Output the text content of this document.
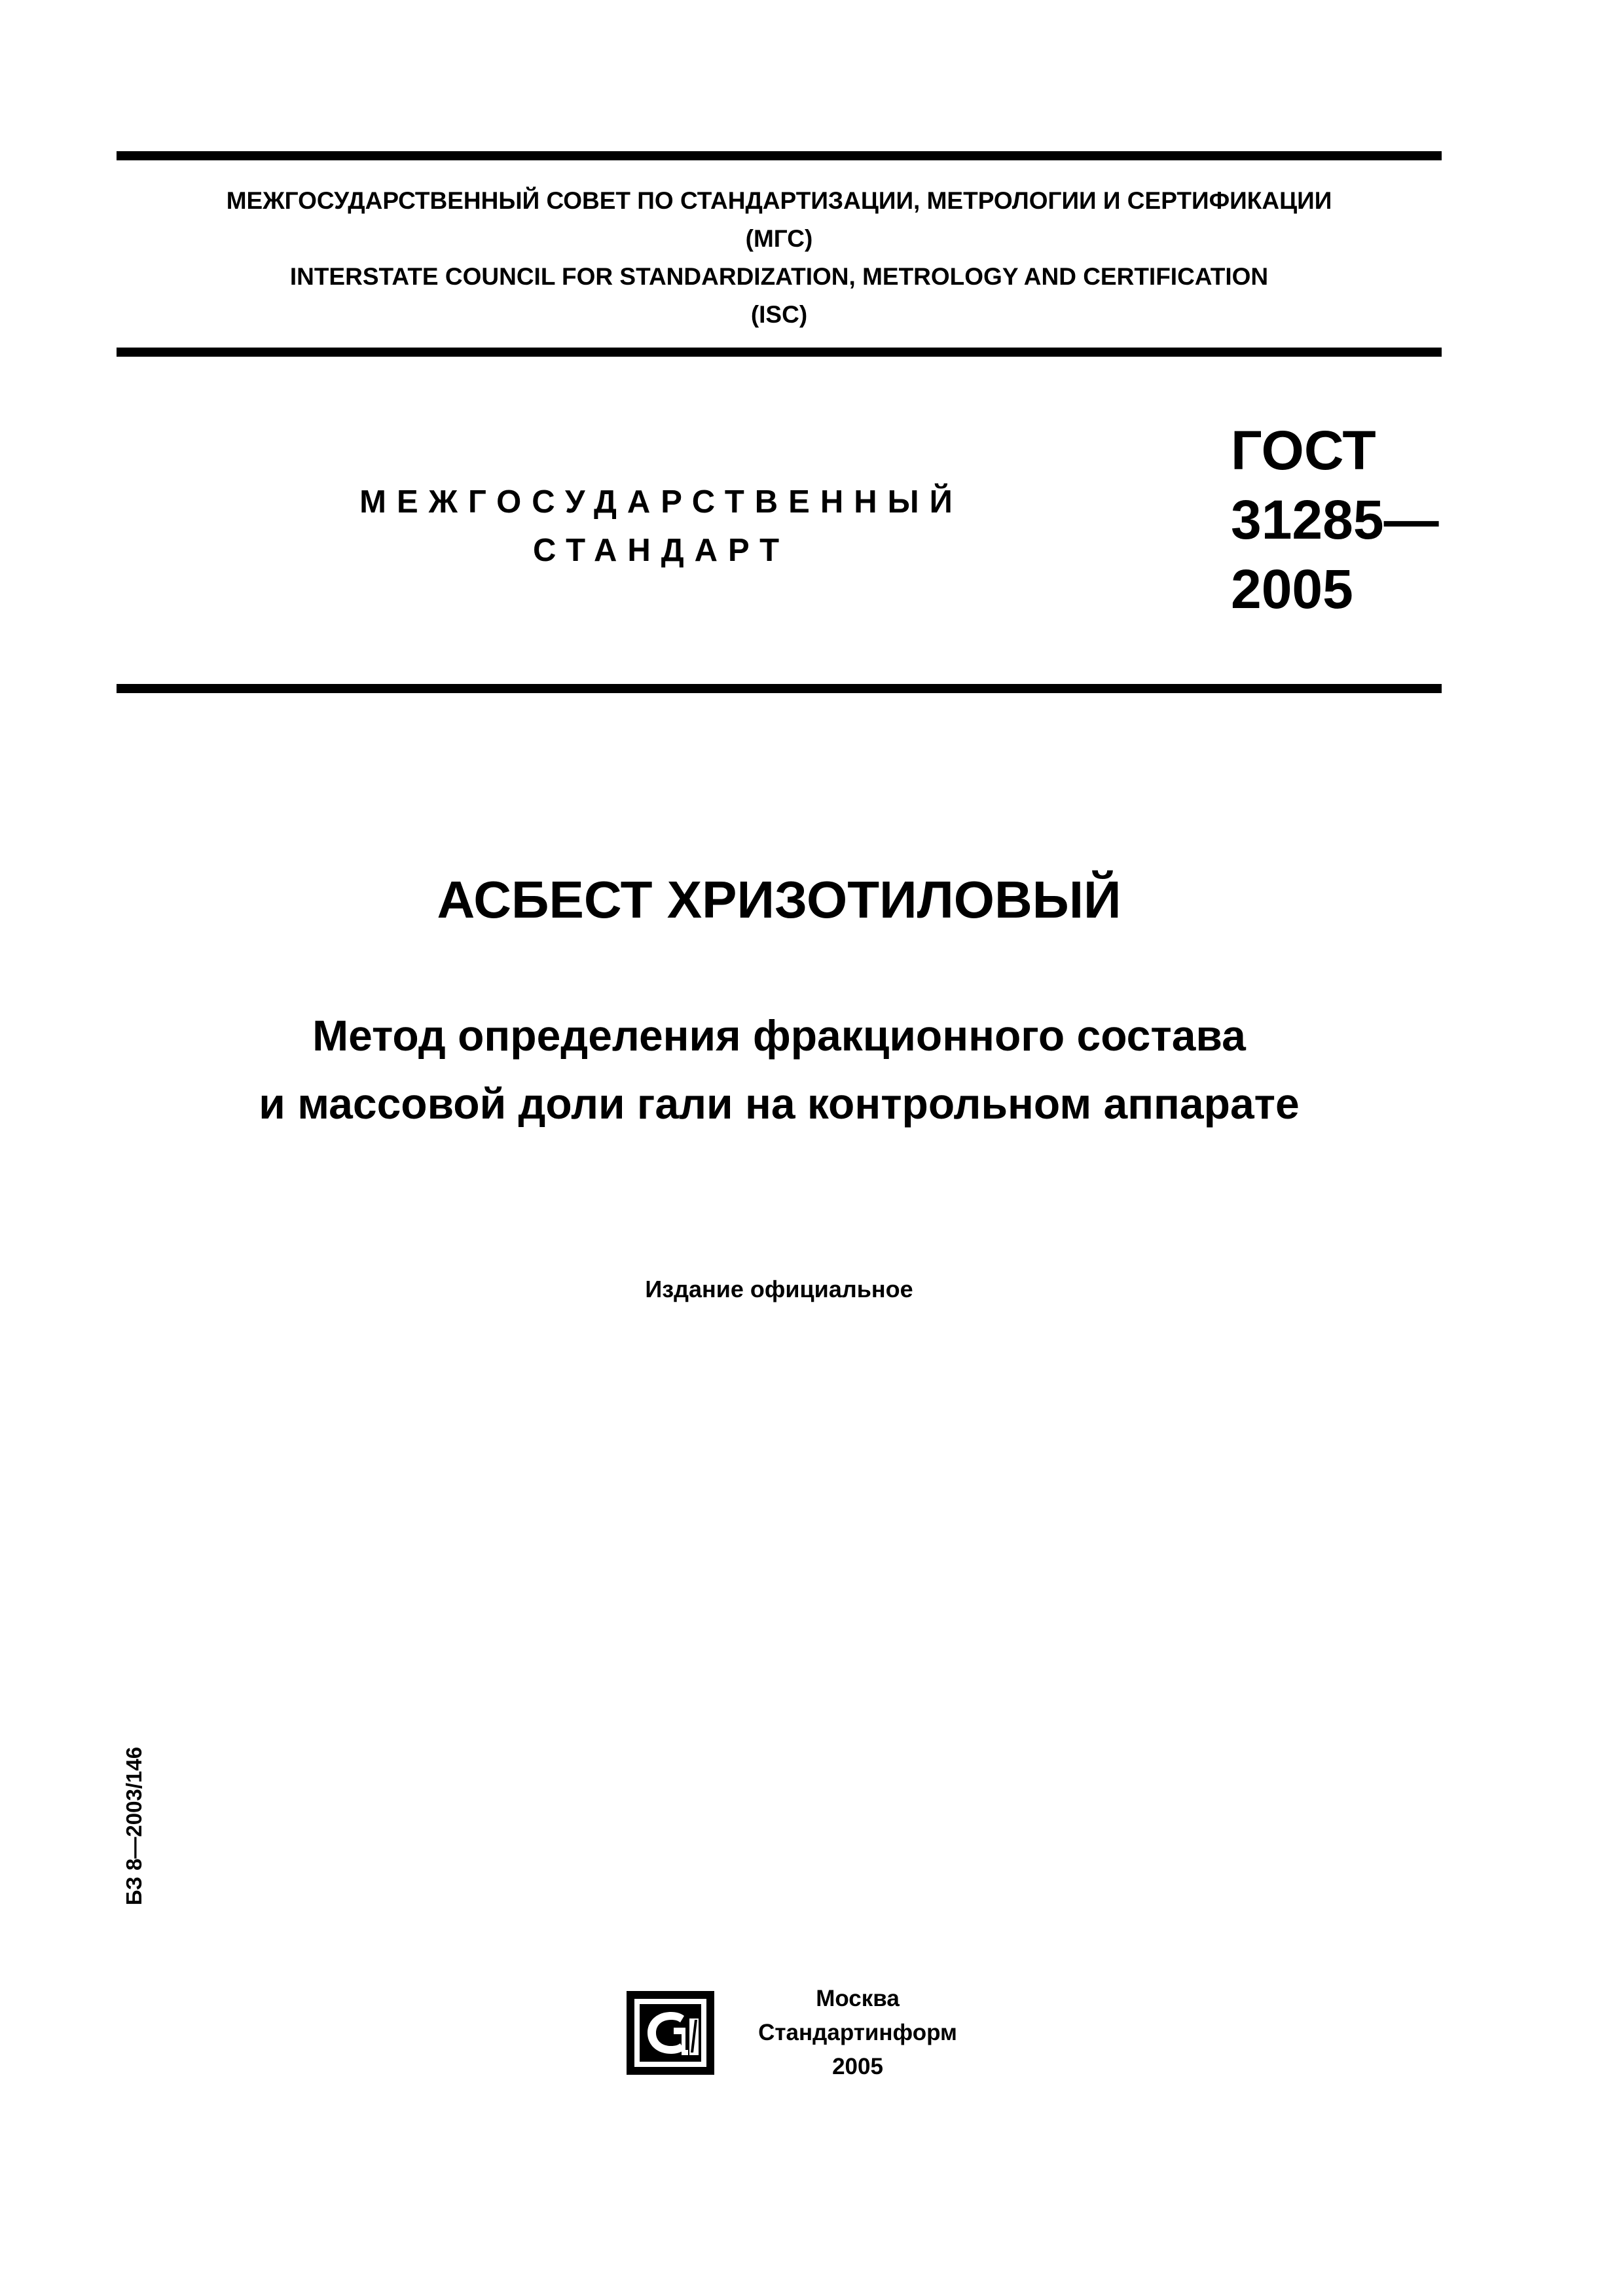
МЕЖГОСУДАРСТВЕННЫЙ СОВЕТ ПО СТАНДАРТИЗАЦИИ, МЕТРОЛОГИИ И СЕРТИФИКАЦИИ
(МГС)
INTERSTATE COUNCIL FOR STANDARDIZATION, METROLOGY AND CERTIFICATION
(ISC)
МЕЖГОСУДАРСТВЕННЫЙ
СТАНДАРТ
ГОСТ
31285—
2005
АСБЕСТ ХРИЗОТИЛОВЫЙ
Метод определения фракционного состава
и массовой доли гали на контрольном аппарате
Издание официальное
БЗ 8—2003/146
Москва
Стандартинформ
2005
